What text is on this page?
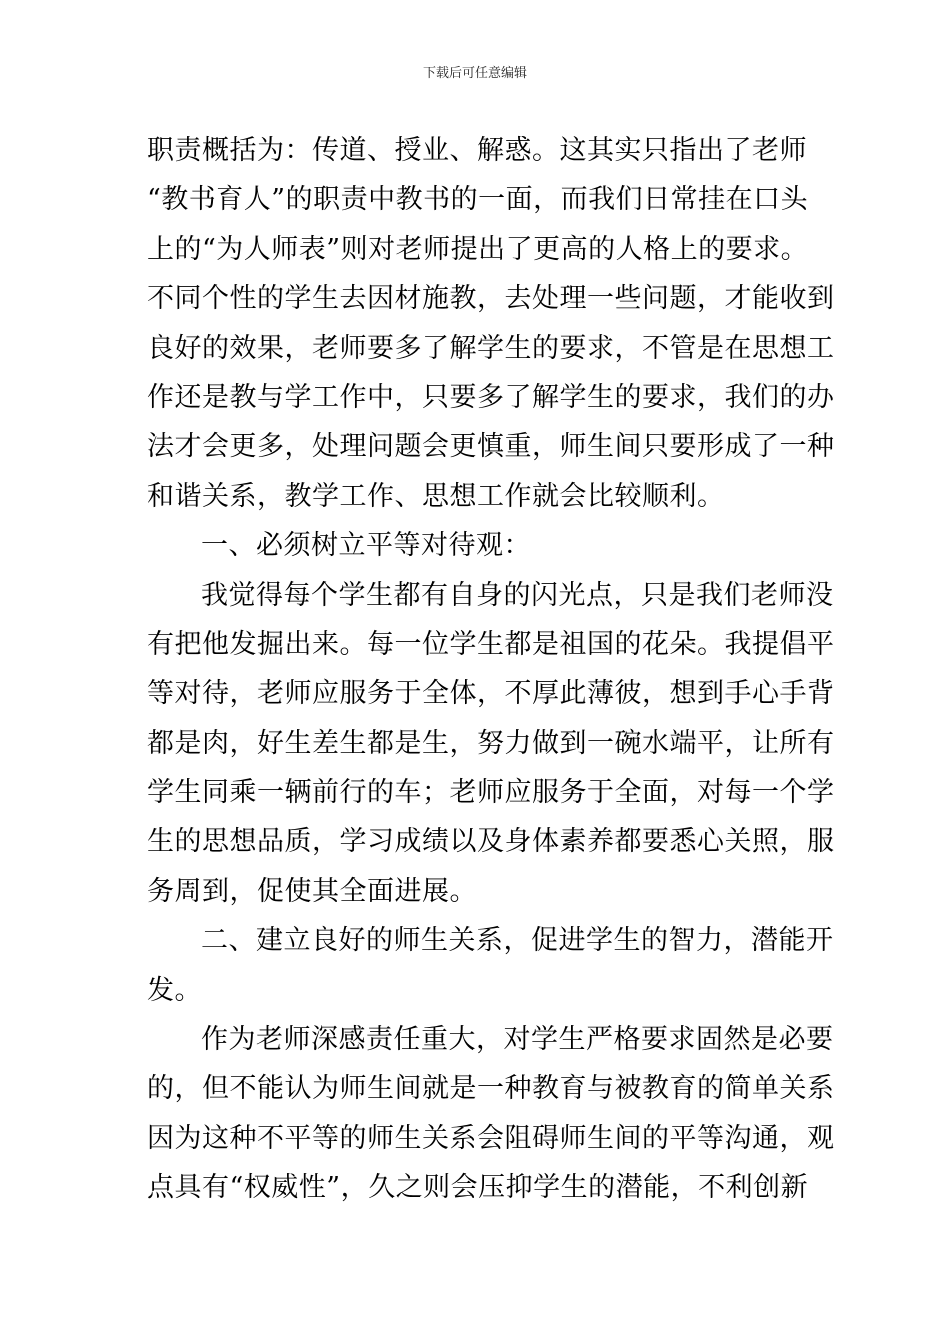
下载后可任意编辑
职责概括为：传道、授业、解惑。这其实只指出了老师
“教书育人”的职责中教书的一面，而我们日常挂在口头
上的“为人师表”则对老师提出了更高的人格上的要求。
不同个性的学生去因材施教，去处理一些问题，才能收到
良好的效果，老师要多了解学生的要求，不管是在思想工
作还是教与学工作中，只要多了解学生的要求，我们的办
法才会更多，处理问题会更慎重，师生间只要形成了一种
和谐关系，教学工作、思想工作就会比较顺利。
一、必须树立平等对待观：
我觉得每个学生都有自身的闪光点，只是我们老师没
有把他发掘出来。每一位学生都是祖国的花朵。我提倡平
等对待，老师应服务于全体，不厚此薄彼，想到手心手背
都是肉，好生差生都是生，努力做到一碗水端平，让所有
学生同乘一辆前行的车；老师应服务于全面，对每一个学
生的思想品质，学习成绩以及身体素养都要悉心关照，服
务周到，促使其全面进展。
二、建立良好的师生关系，促进学生的智力，潜能开
发。
作为老师深感责任重大，对学生严格要求固然是必要
的，但不能认为师生间就是一种教育与被教育的简单关系
因为这种不平等的师生关系会阻碍师生间的平等沟通，观
点具有“权威性”，久之则会压抑学生的潜能，不利创新
